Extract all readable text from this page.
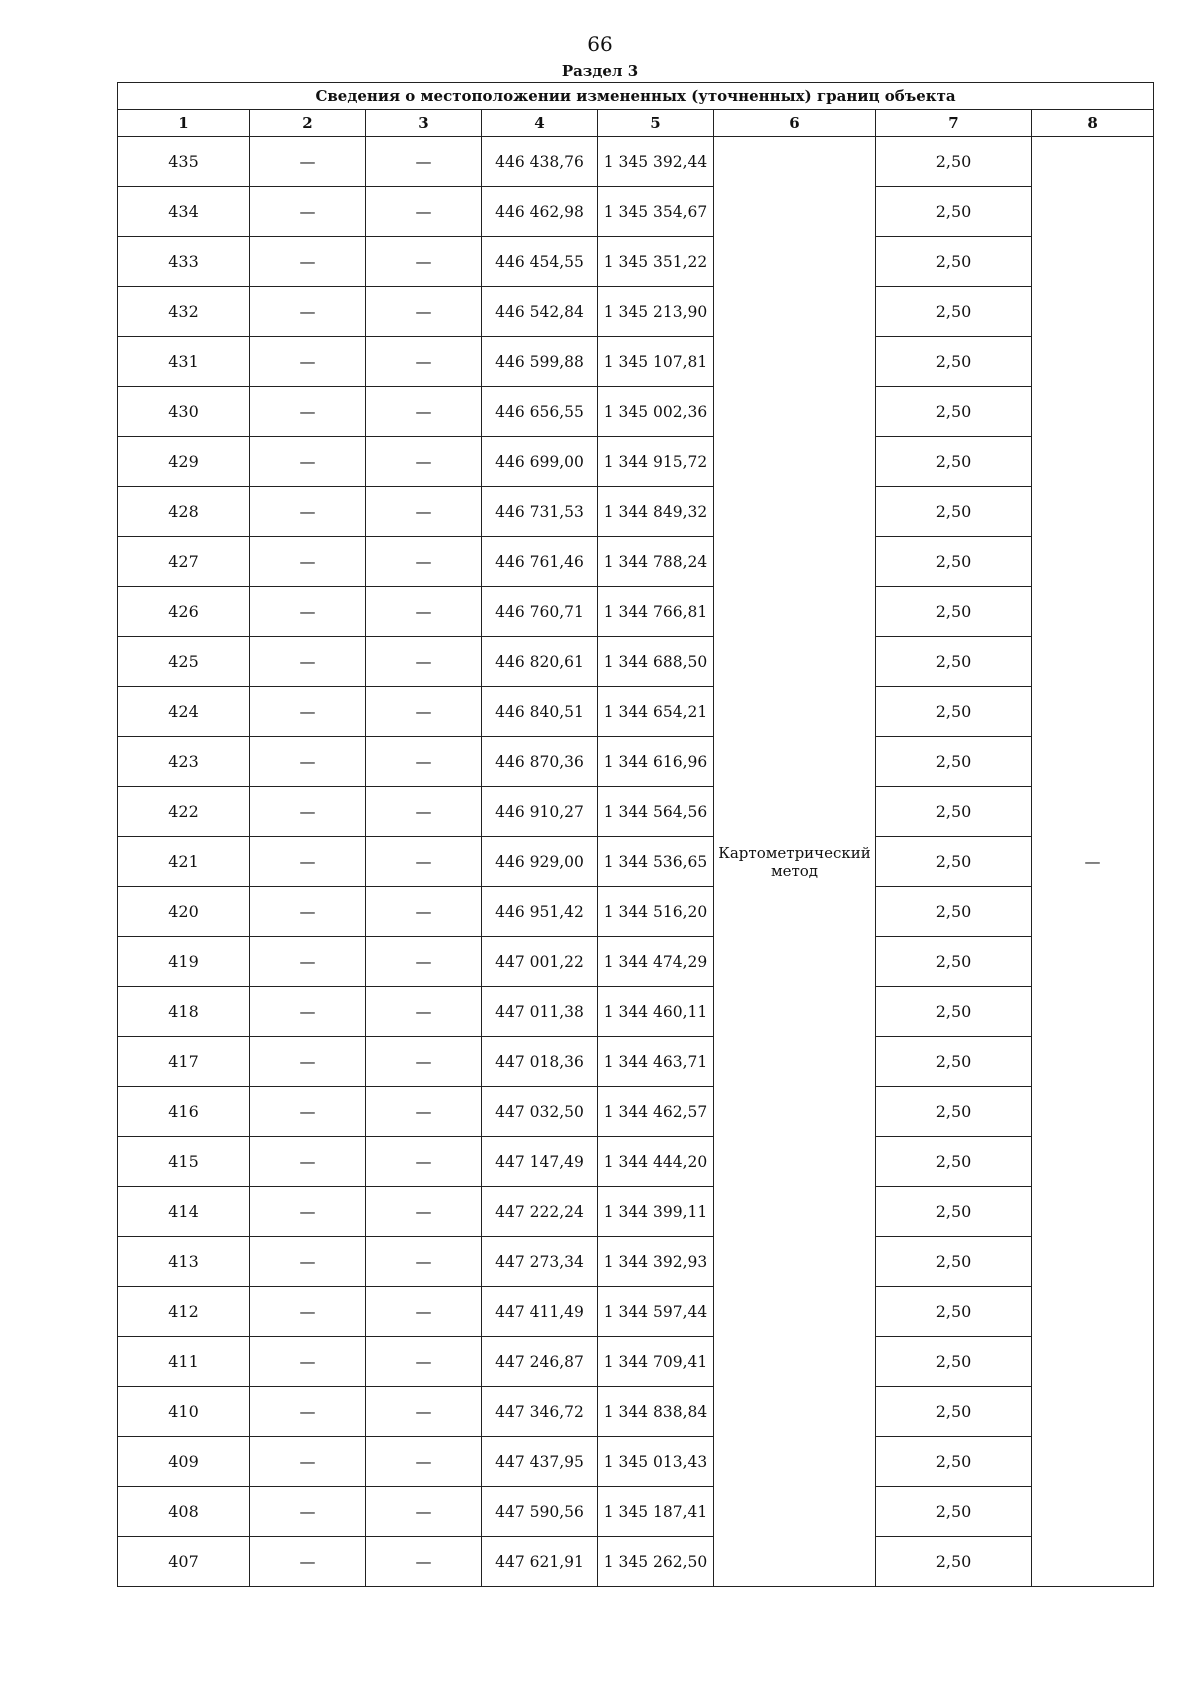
66
Раздел 3
Сведения о местоположении измененных (уточненных) границ объекта							
1	2	3	4	5	6	7	8
435	—	—	446 438,76	1 345 392,44	Картометрический метод	2,50	—
434	—	—	446 462,98	1 345 354,67		2,50	
433	—	—	446 454,55	1 345 351,22		2,50	
432	—	—	446 542,84	1 345 213,90		2,50	
431	—	—	446 599,88	1 345 107,81		2,50	
430	—	—	446 656,55	1 345 002,36		2,50	
429	—	—	446 699,00	1 344 915,72		2,50	
428	—	—	446 731,53	1 344 849,32		2,50	
427	—	—	446 761,46	1 344 788,24		2,50	
426	—	—	446 760,71	1 344 766,81		2,50	
425	—	—	446 820,61	1 344 688,50		2,50	
424	—	—	446 840,51	1 344 654,21		2,50	
423	—	—	446 870,36	1 344 616,96		2,50	
422	—	—	446 910,27	1 344 564,56		2,50	
421	—	—	446 929,00	1 344 536,65		2,50	
420	—	—	446 951,42	1 344 516,20		2,50	
419	—	—	447 001,22	1 344 474,29		2,50	
418	—	—	447 011,38	1 344 460,11		2,50	
417	—	—	447 018,36	1 344 463,71		2,50	
416	—	—	447 032,50	1 344 462,57		2,50	
415	—	—	447 147,49	1 344 444,20		2,50	
414	—	—	447 222,24	1 344 399,11		2,50	
413	—	—	447 273,34	1 344 392,93		2,50	
412	—	—	447 411,49	1 344 597,44		2,50	
411	—	—	447 246,87	1 344 709,41		2,50	
410	—	—	447 346,72	1 344 838,84		2,50	
409	—	—	447 437,95	1 345 013,43		2,50	
408	—	—	447 590,56	1 345 187,41		2,50	
407	—	—	447 621,91	1 345 262,50		2,50	
